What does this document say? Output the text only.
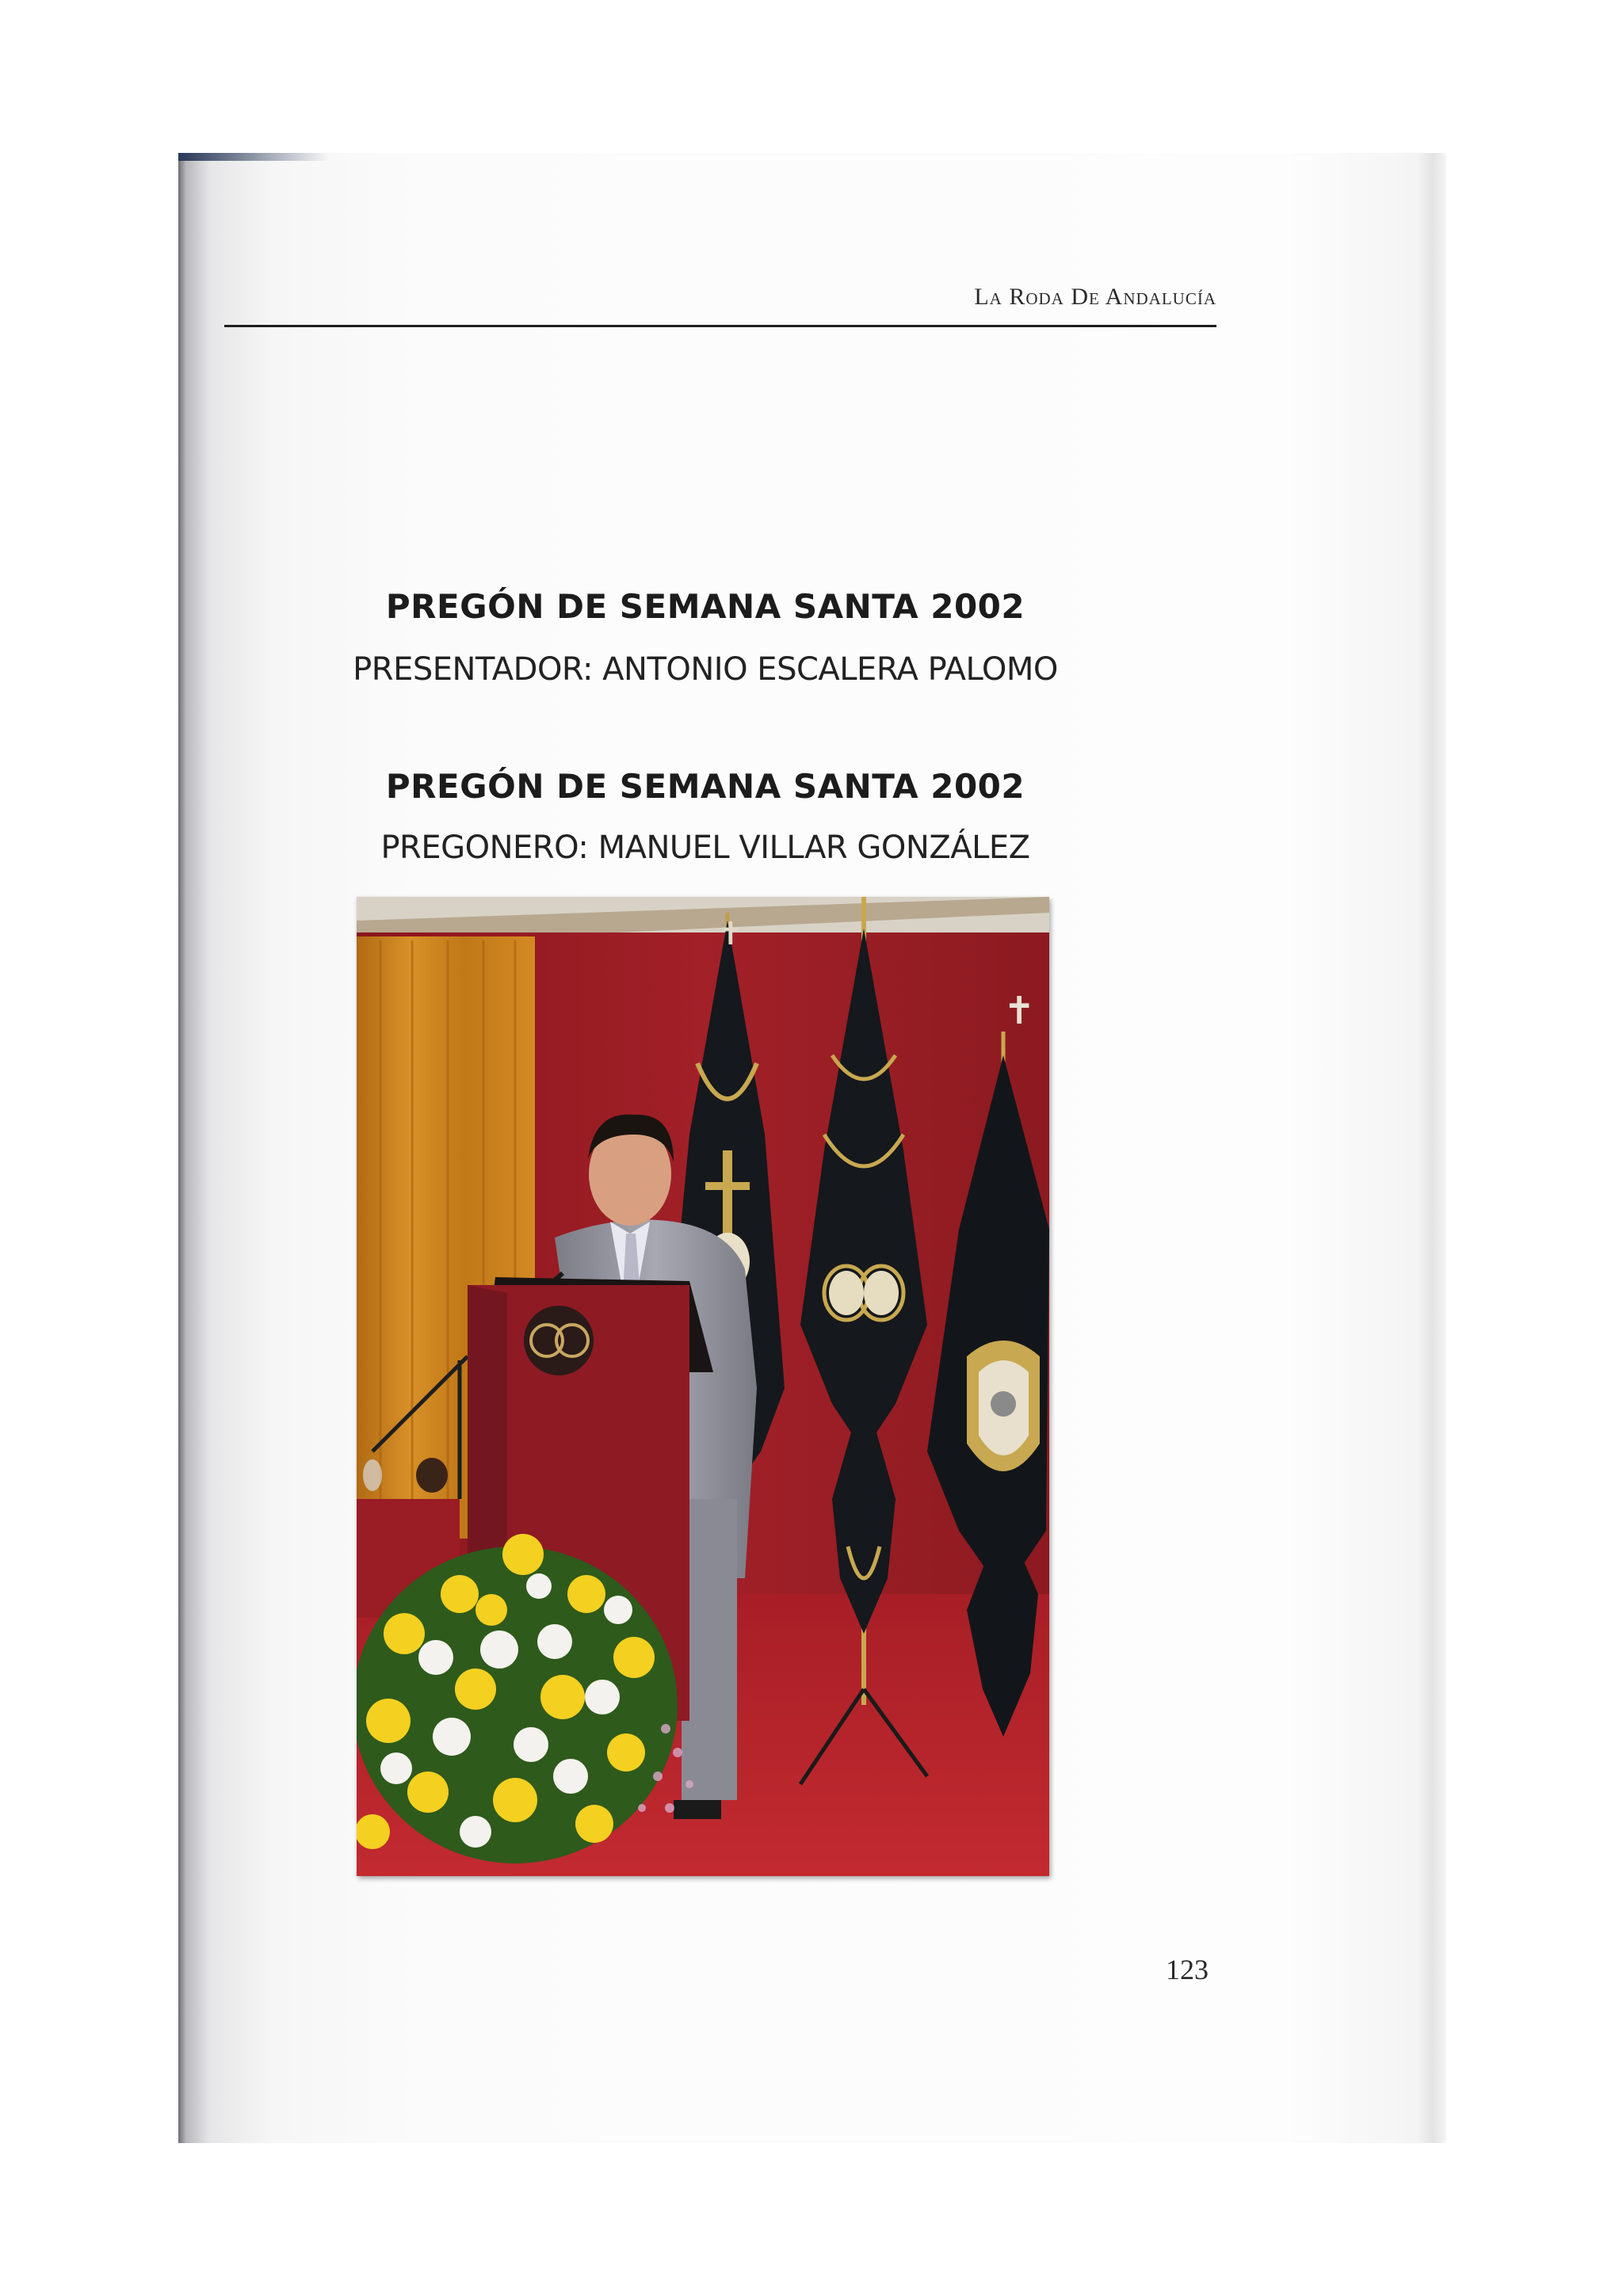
La Roda De Andalucía
PREGÓN DE SEMANA SANTA 2002
PRESENTADOR: ANTONIO ESCALERA PALOMO
PREGÓN DE SEMANA SANTA 2002
PREGONERO: MANUEL VILLAR GONZÁLEZ
✝
✝
123
